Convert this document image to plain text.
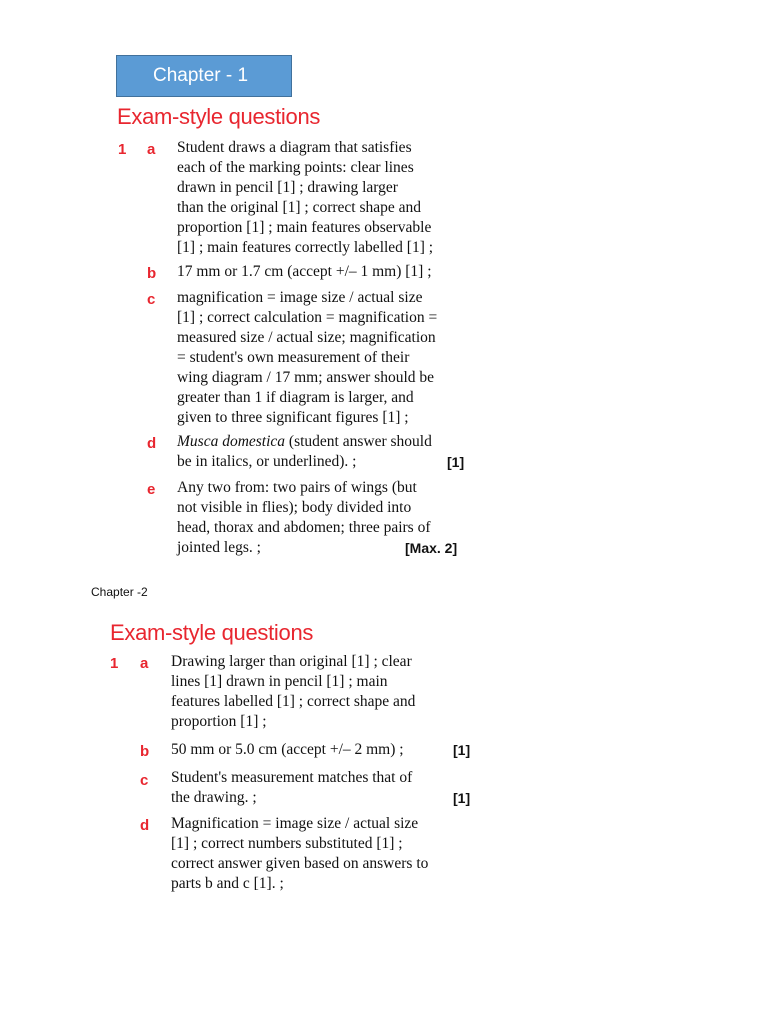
Chapter - 1
Exam-style questions
1 a Student draws a diagram that satisfies
each of the marking points: clear lines
drawn in pencil [1] ; drawing larger
than the original [1] ; correct shape and
proportion [1] ; main features observable
[1] ; main features correctly labelled [1] ;
b 17 mm or 1.7 cm (accept +/– 1 mm) [1] ;
c magnification = image size / actual size
[1] ; correct calculation = magnification =
measured size / actual size; magnification
= student's own measurement of their
wing diagram / 17 mm; answer should be
greater than 1 if diagram is larger, and
given to three significant figures [1] ;
d Musca domestica (student answer should
be in italics, or underlined). ;	[1]
e Any two from: two pairs of wings (but
not visible in flies); body divided into
head, thorax and abdomen; three pairs of
jointed legs. ;	[Max. 2]
Chapter -2
Exam-style questions
1 a Drawing larger than original [1] ; clear
lines [1] drawn in pencil [1] ; main
features labelled [1] ; correct shape and
proportion [1] ;
b 50 mm or 5.0 cm (accept +/– 2 mm) ;	[1]
c Student's measurement matches that of
the drawing. ;	[1]
d Magnification = image size / actual size
[1] ; correct numbers substituted [1] ;
correct answer given based on answers to
parts b and c [1]. ;
